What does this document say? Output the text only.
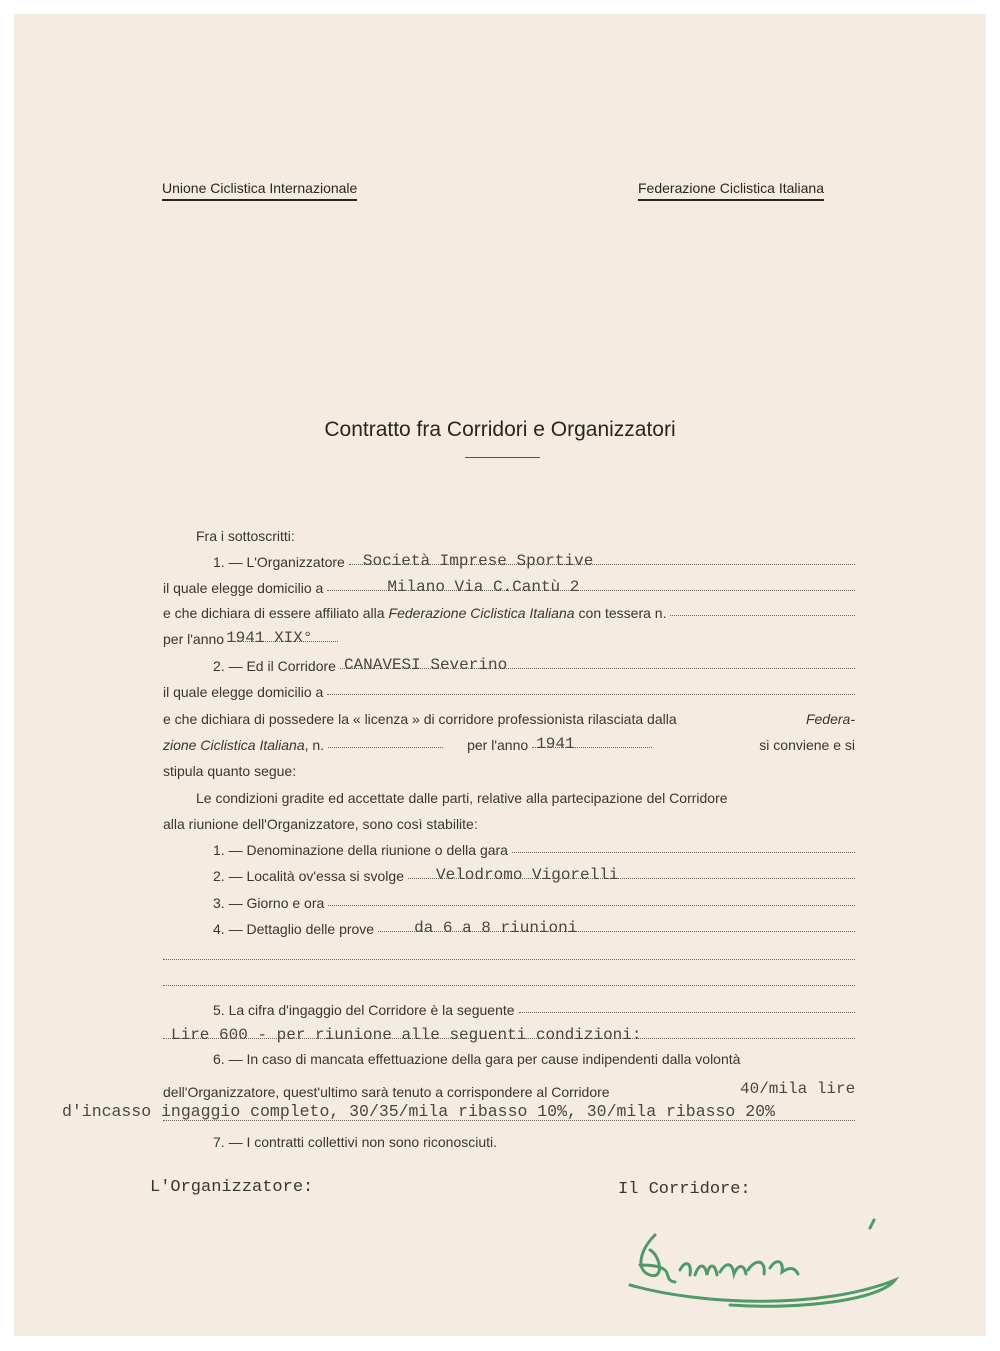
Unione Ciclistica Internazionale	Federazione Ciclistica Italiana
Contratto fra Corridori e Organizzatori
Fra i sottoscritti:
1. — L'Organizzatore Società Imprese Sportive
il quale elegge domicilio a	Milano Via C.Cantù 2
e che dichiara di essere affiliato alla Federazione Ciclistica Italiana con tessera n.
per l'anno 1941 XIX°
2. — Ed il Corridore CANAVESI Severino
il quale elegge domicilio a
e che dichiara di possedere la « licenza » di corridore professionista rilasciata dalla	Federa-
zione Ciclistica Italiana , n.	per l'anno 1941	si conviene e si
stipula quanto segue:
Le condizioni gradite ed accettate dalle parti, relative alla partecipazione del Corridore
alla riunione dell'Organizzatore, sono così stabilite:
1. — Denominazione della riunione o della gara
2. — Località ov'essa si svolge Velodromo Vigorelli
3. — Giorno e ora
4. — Dettaglio delle prove	da 6 a 8 riunioni
5. La cifra d'ingaggio del Corridore è la seguente
Lire 600 - per riunione alle seguenti condizioni:
6. — In caso di mancata effettuazione della gara per cause indipendenti dalla volontà
dell'Organizzatore, quest'ultimo sarà tenuto a corrispondere al Corridore	40/mila lire
d'incasso ingaggio completo, 30/35/mila ribasso 10%, 30/mila ribasso 20%
7. — I contratti collettivi non sono riconosciuti.
L'Organizzatore:	Il Corridore:
